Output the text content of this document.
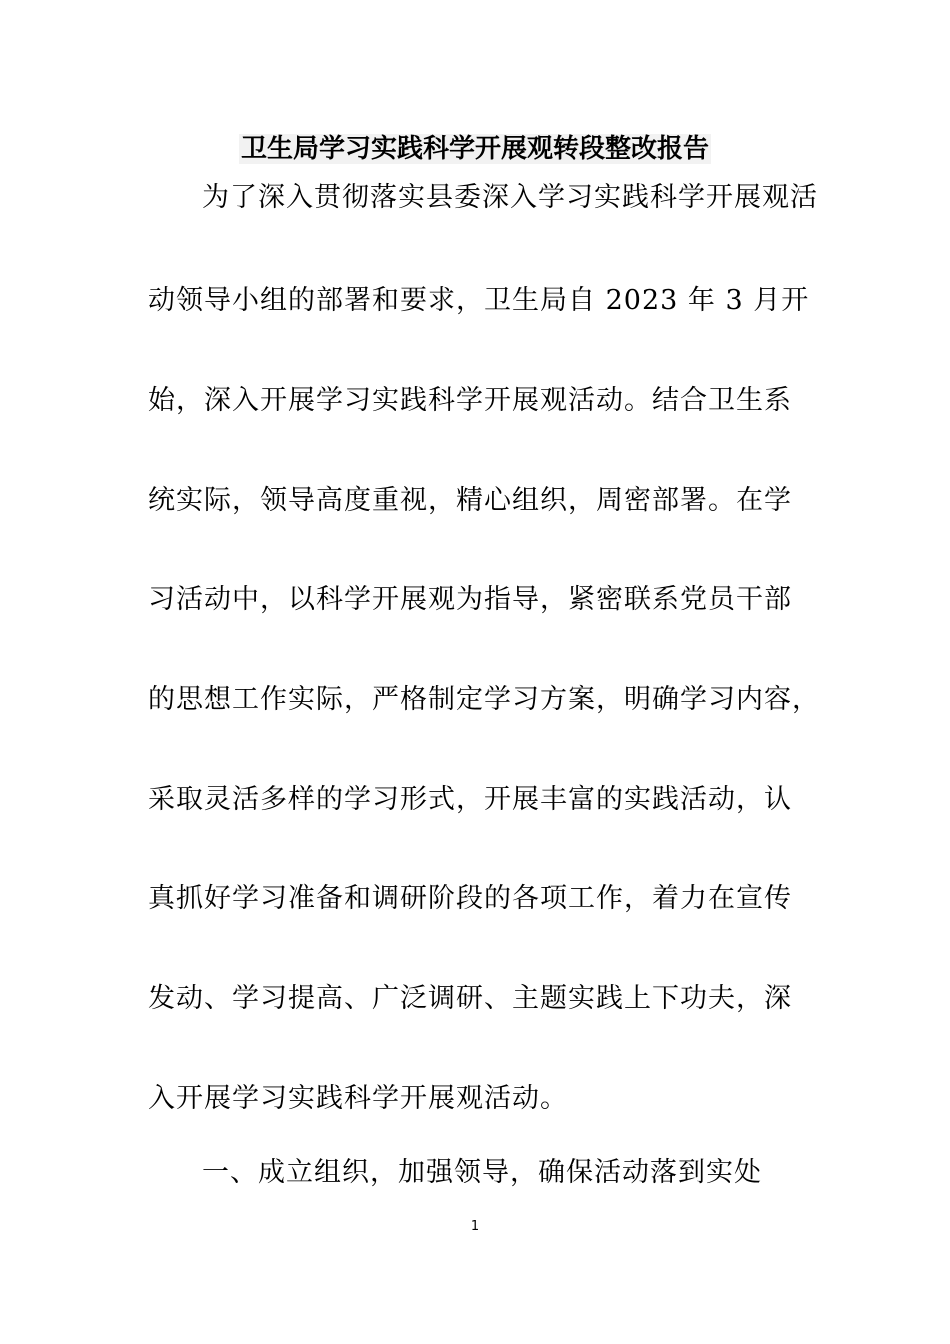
卫生局学习实践科学开展观转段整改报告
为了深入贯彻落实县委深入学习实践科学开展观活
动领导小组的部署和要求，卫生局自 2023 年 3 月开
始，深入开展学习实践科学开展观活动。结合卫生系
统实际，领导高度重视，精心组织，周密部署。在学
习活动中，以科学开展观为指导，紧密联系党员干部
的思想工作实际，严格制定学习方案，明确学习内容，
采取灵活多样的学习形式，开展丰富的实践活动，认
真抓好学习准备和调研阶段的各项工作，着力在宣传
发动、学习提高、广泛调研、主题实践上下功夫，深
入开展学习实践科学开展观活动。
一、成立组织，加强领导，确保活动落到实处
1
